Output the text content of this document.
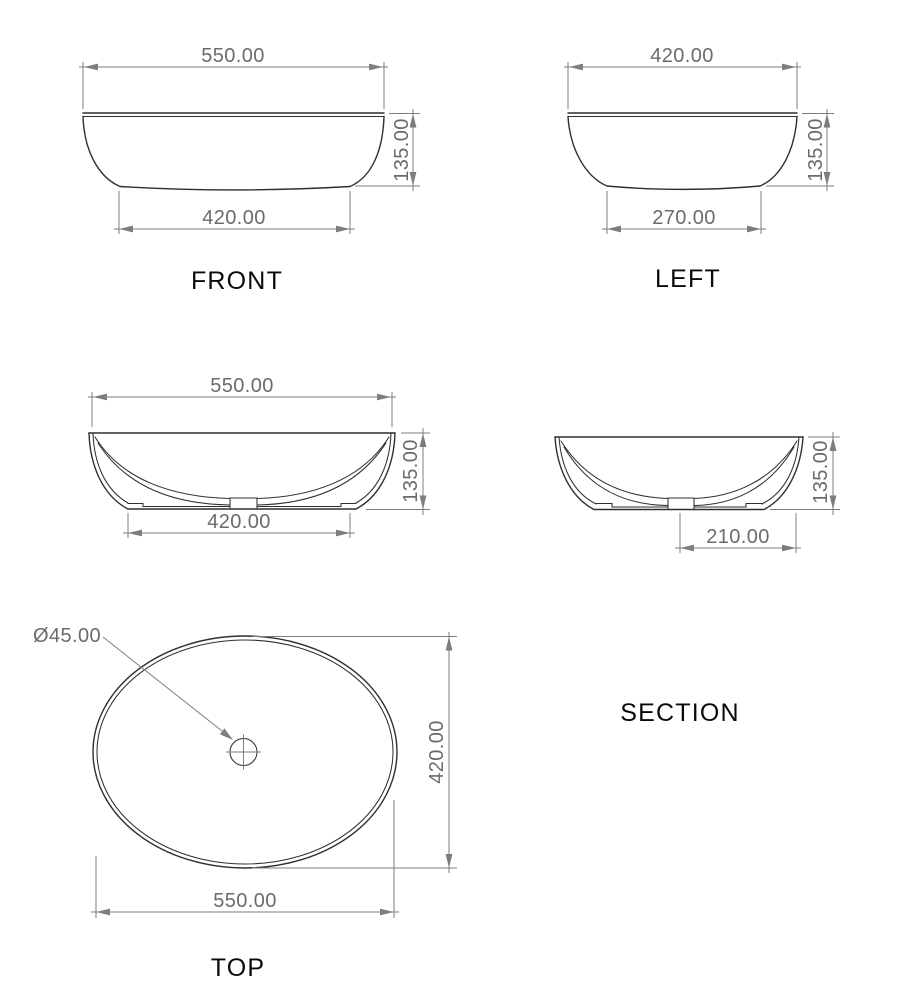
550.00
135.00
420.00
FRONT
420.00
135.00
270.00
LEFT
550.00
135.00
420.00
135.00
210.00
SECTION
Ø45.00
420.00
550.00
TOP
